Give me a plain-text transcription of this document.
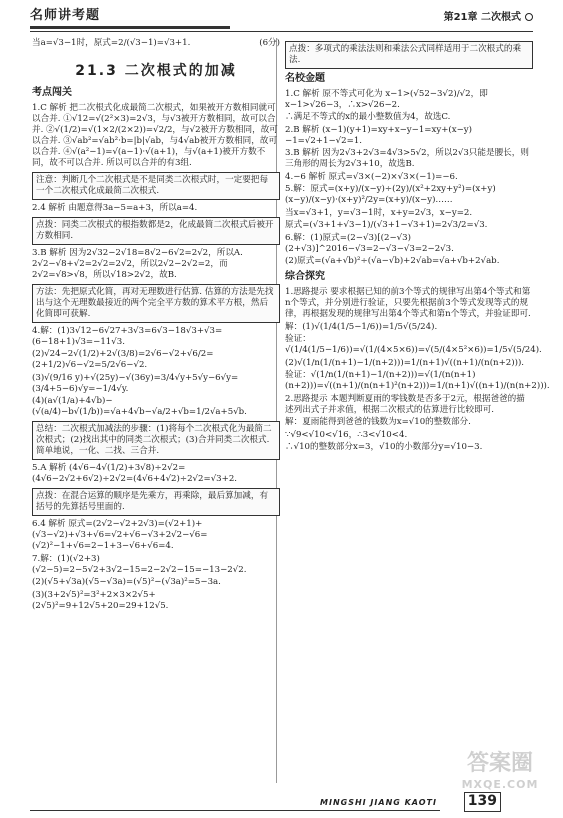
名师讲考题	第21章 二次根式

当a=√3−1时，原式=2/(√3−1)=√3+1.	(6分)

21.3 二次根式的加减
考点闯关

1.C 解析 把二次根式化成最简二次根式，如果被开方数相同就可以合并. ①√12=√(2²×3)=2√3，与√3被开方数相同，故可以合并. ②√(1/2)=√(1×2/(2×2))=√2/2，与√2被开方数相同，故可以合并. ③√ab²=√ab²·b=|b|√ab，与4√ab被开方数相同，故可以合并. ④√(a²−1)=√(a−1)·√(a+1)，与√(a+1)被开方数不同，故不可以合并. 所以可以合并的有3组.

注意：判断几个二次根式是不是同类二次根式时，一定要把每一个二次根式化成最简二次根式.

2.4 解析 由题意得3a−5=a+3，所以a=4.

点拨：同类二次根式的根指数都是2，化成最简二次根式后被开方数相同.

3.B 解析 因为2√32−2√18=8√2−6√2=2√2，所以A. 2√2−√8+√2=2√2=2√2，所以2√2−2√2=2，而2√2=√8>√8，所以√18>2√2，故B.

方法：先把原式化简，再对无理数进行估算. 估算的方法是先找出与这个无理数最接近的两个完全平方数的算术平方根，然后化简即可获解.

4.解：(1)3√12−6√27+3√3=6√3−18√3+√3=(6−18+1)√3=−11√3.

(2)√24−2√(1/2)+2√(3/8)=2√6−√2+√6/2=(2+1/2)√6−√2=5/2√6−√2.

(3)√(9/16 y)+√(25y)−√(36y)=3/4√y+5√y−6√y=(3/4+5−6)√y=−1/4√y.

(4)(a√(1/a)+4√b)−(√(a/4)−b√(1/b))=√a+4√b−√a/2+√b=1/2√a+5√b.

总结：二次根式加减法的步骤：(1)将每个二次根式化为最简二次根式；(2)找出其中的同类二次根式；(3)合并同类二次根式. 简单地说，一化、二找、三合并.

5.A 解析 (4√6−4√(1/2)+3√8)÷2√2=(4√6−2√2+6√2)÷2√2=(4√6+4√2)÷2√2=√3+2.

点拨：在混合运算的顺序是先乘方，再乘除，最后算加减，有括号的先算括号里面的.

6.4 解析 原式=(2√2−√2+2√3)=(√2+1)+(√3−√2)+√3+√6=√2+√6−√3+2√2−√6=(√2)²−1+√6=2−1+3−√6+√6=4.

7.解：(1)(√2+3)(√2−5)=2−5√2+3√2−15=2−2√2−15=−13−2√2.

(2)(√5+√3a)(√5−√3a)=(√5)²−(√3a)²=5−3a.

(3)(3+2√5)²=3²+2×3×2√5+(2√5)²=9+12√5+20=29+12√5.

点拨：多项式的乘法法则和乘法公式同样适用于二次根式的乘法.
名校金题

1.C 解析 原不等式可化为 x−1>(√52−3√2)/√2，即x−1>√26−3，∴x>√26−2.

∴满足不等式的x的最小整数值为4，故选C.

2.B 解析 (x−1)(y+1)=xy+x−y−1=xy+(x−y)−1=√2+1−√2=1.

3.B 解析 因为2√3+2√3=4√3>5√2，所以2√3只能是腰长，则三角形的周长为2√3+10，故选B.

4.−6 解析 原式=√3×(−2)×√3×(−1)=−6.

5.解：原式=(x+y)/(x−y)÷(2y)/(x²+2xy+y²)=(x+y)(x−y)/(x−y)·(x+y)²/2y=(x+y)/(x−y)……

当x=√3+1，y=√3−1时，x+y=2√3，x−y=2.

原式=(√3+1+√3−1)/(√3+1−√3+1)=2√3/2=√3.

6.解：(1)原式=(2−√3)[(2−√3)(2+√3)]^2016−√3=2−√3−√3=2−2√3.

(2)原式=(√a+√b)²÷(√a−√b)+2√ab=√a+√b+2√ab.

综合探究

1.思路提示 要求根据已知的前3个等式的规律写出第4个等式和第n个等式，并分别进行验证，只要先根据前3个等式发现等式的规律，再根据发现的规律写出第4个等式和第n个等式，并验证即可.

解：(1)√(1/4(1/5−1/6))=1/5√(5/24).

验证：√(1/4(1/5−1/6))=√(1/(4×5×6))=√(5/(4×5²×6))=1/5√(5/24).

(2)√(1/n(1/(n+1)−1/(n+2)))=1/(n+1)√((n+1)/(n(n+2))).

验证：√(1/n(1/(n+1)−1/(n+2)))=√(1/(n(n+1)(n+2)))=√((n+1)/(n(n+1)²(n+2)))=1/(n+1)√((n+1)/(n(n+2))).

2.思路提示 本题判断夏雨的零钱数是否多于2元，根据爸爸的描述列出式子并求值，根据二次根式的估算进行比较即可.

解：夏雨能得到爸爸的钱数为x=√10的整数部分.

∵√9<√10<√16，∴3<√10<4.

∴√10的整数部分x=3，√10的小数部分y=√10−3.

MINGSHI JIANG KAOTI 139
答案圈
MXQE.COM
